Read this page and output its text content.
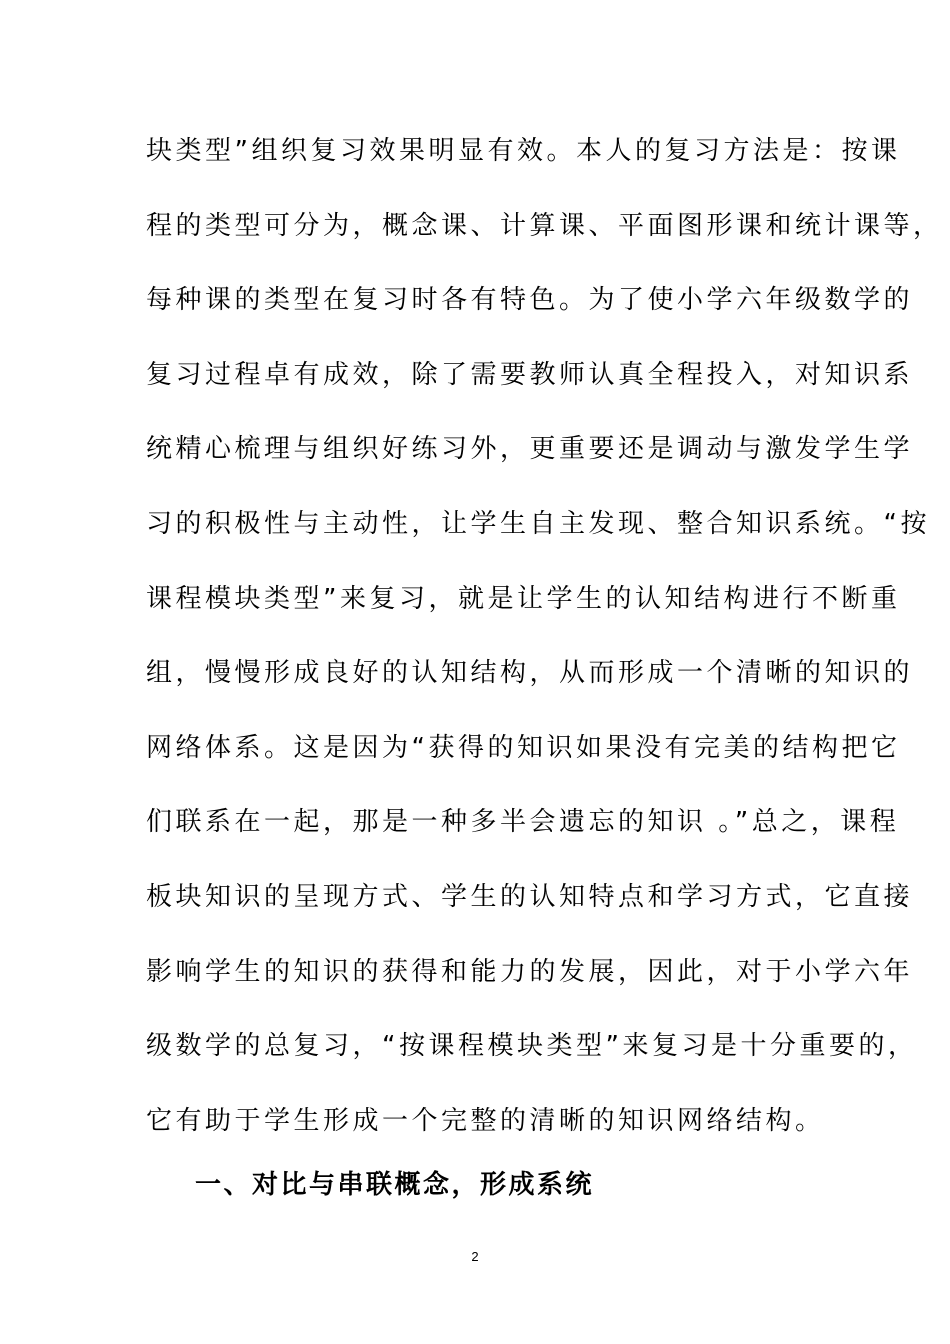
块类型”组织复习效果明显有效。本人的复习方法是：按课
程的类型可分为，概念课、计算课、平面图形课和统计课等，
每种课的类型在复习时各有特色。为了使小学六年级数学的
复习过程卓有成效，除了需要教师认真全程投入，对知识系
统精心梳理与组织好练习外，更重要还是调动与激发学生学
习的积极性与主动性，让学生自主发现、整合知识系统。“按
课程模块类型”来复习，就是让学生的认知结构进行不断重
组，慢慢形成良好的认知结构，从而形成一个清晰的知识的
网络体系。这是因为“获得的知识如果没有完美的结构把它
们联系在一起，那是一种多半会遗忘的知识 。”总之，课程
板块知识的呈现方式、学生的认知特点和学习方式，它直接
影响学生的知识的获得和能力的发展，因此，对于小学六年
级数学的总复习，“按课程模块类型”来复习是十分重要的，
它有助于学生形成一个完整的清晰的知识网络结构。
一、对比与串联概念，形成系统
2
